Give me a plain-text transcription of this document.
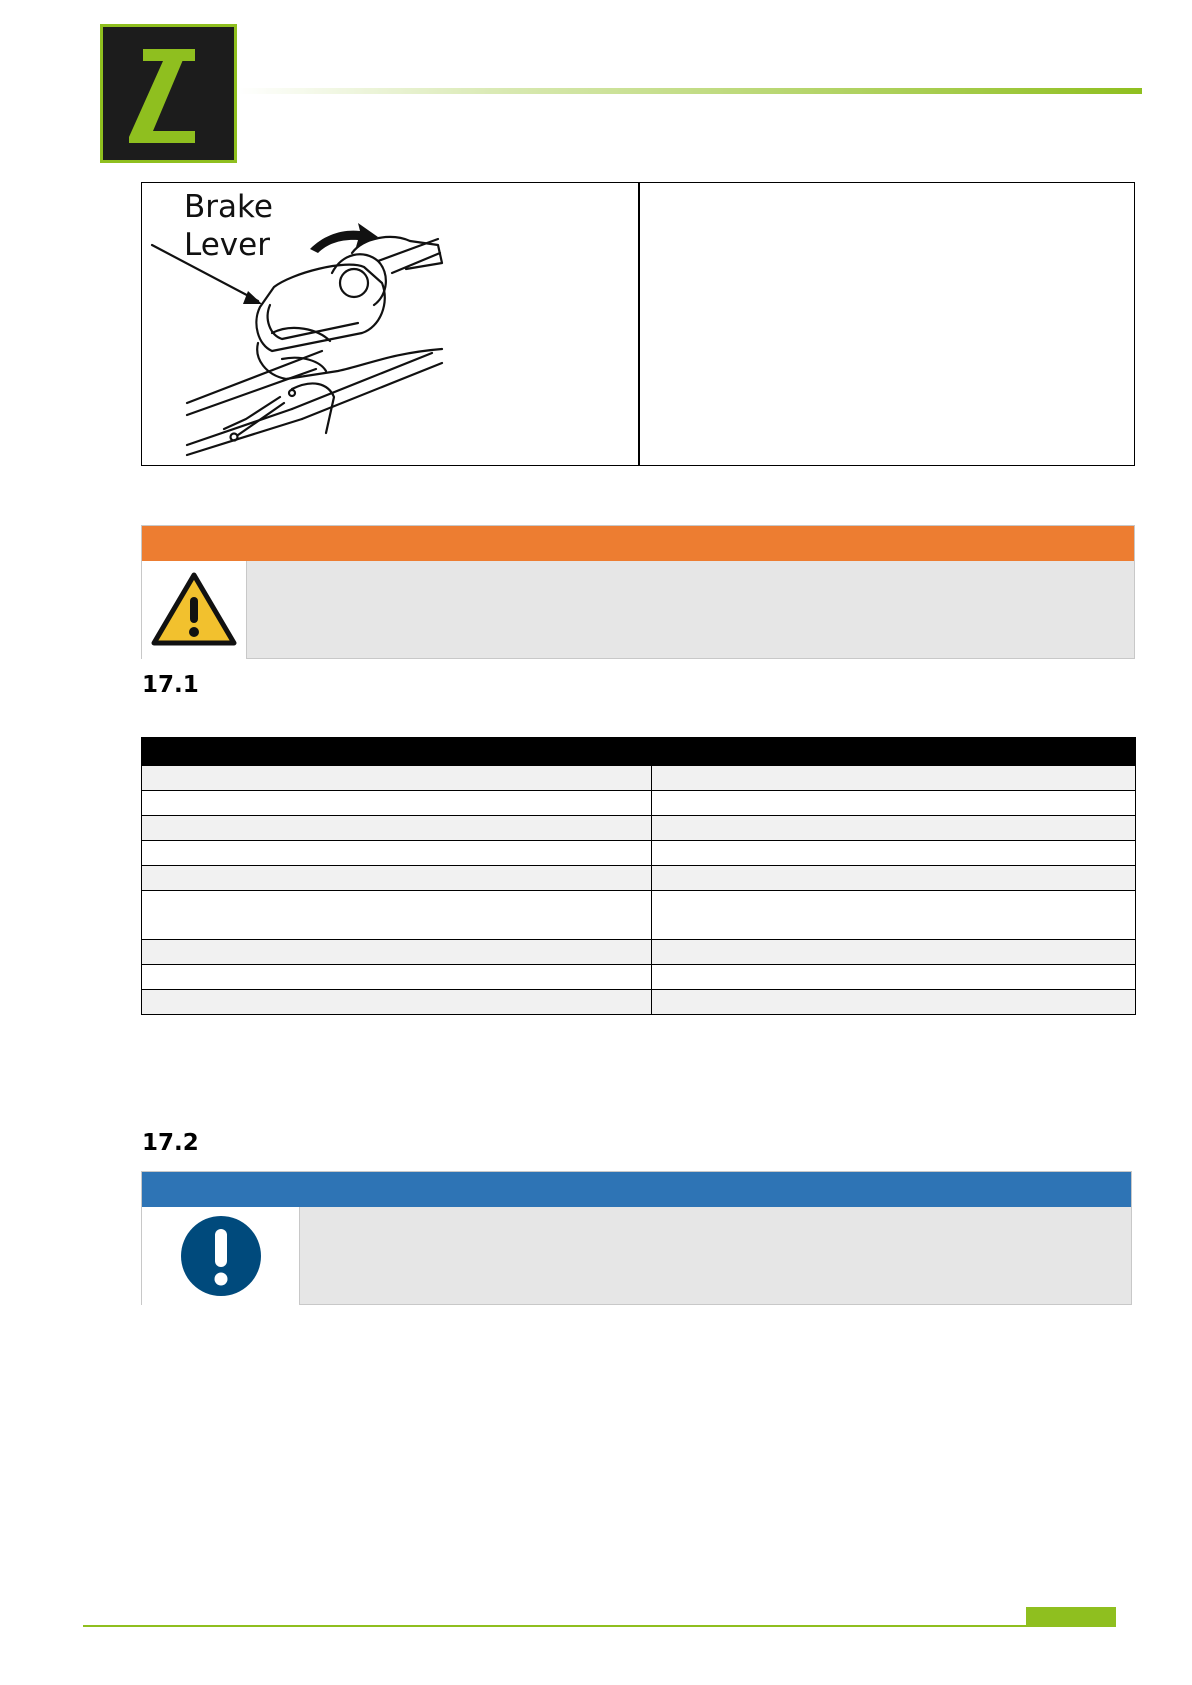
Brake
Lever
17.1

17.2
